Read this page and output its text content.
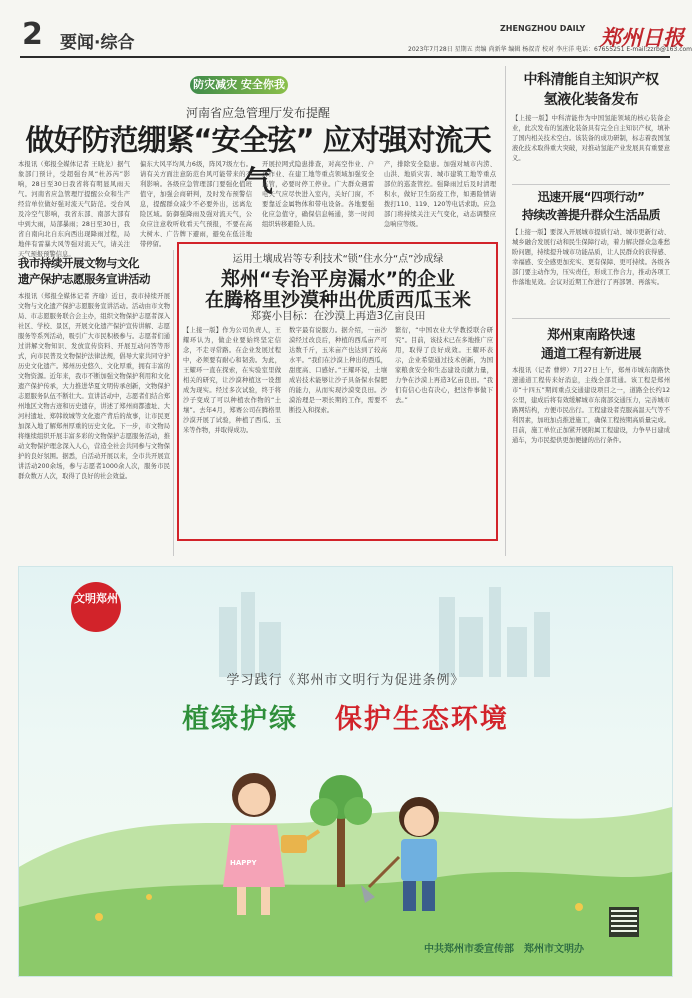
2 要闻·综合
ZHENGZHOU DAILY 郑州日报
2023年7月28日 星期五 责编 尚新华 编辑 杨叔青 校对 李庄洋 电话：67655251 E-mail:zzrb@163.com
防灾减灾 安全你我
河南省应急管理厅发布提醒
做好防范绷紧“安全弦” 应对强对流天气
本报讯（郑报全媒体记者 王晓龙）据气象部门预计，受超强台风“杜苏芮”影响，28日至30日我省将有明显风雨天气。河南省应急管理厅提醒公众和生产经营单位做好强对流天气防范。受台风及冷空气影响，我省东部、南部大部有中到大雨，局部暴雨；28日至30日，我省自南向北自东向西出现降雨过程，局地伴有雷暴大风等强对流天气，请关注天气预报预警信息。
偏东大风平均风力6级，阵风7级左右。请有关方面注意防范台风可能带来的不利影响。各级应急管理部门要强化值班值守，加强会商研判，及时发布预警信息，提醒群众减少不必要外出，远离危险区域。防御强降雨及强对流天气，公众应注意收听收看天气预报，不要在高大树木、广告牌下避雨，避免在低洼地带停留。
开展拉网式隐患排查，对高空作业、户外作业、在建工地等重点领域加强安全监管，必要时停工停业。广大群众遇雷电天气应尽快进入室内，关好门窗，不要靠近金属物体和带电设备。各地要强化应急值守，确保信息畅通，第一时间组织转移避险人员。
产，排除安全隐患。加强对城市内涝、山洪、地质灾害、城市建筑工地等重点部位的巡查管控。强降雨过后及时清理积水，做好卫生防疫工作，如遇险情请拨打110、119、120等电话求助。应急部门将持续关注天气变化，动态调整应急响应等级。
我市持续开展文物与文化
遗产保护志愿服务宣讲活动
本报讯（郑报全媒体记者 齐瑜）近日，我市持续开展文物与文化遗产保护志愿服务宣讲活动。活动由市文物局、市志愿服务联合会主办，组织文物保护志愿者深入社区、学校、景区，开展文化遗产保护宣传讲解、志愿服务等系列活动，吸引广大市民积极参与。志愿者们通过讲解文物知识、发放宣传资料、开展互动问答等形式，向市民普及文物保护法律法规，倡导大家共同守护历史文化遗产。郑州历史悠久、文化厚重，拥有丰富的文物资源。近年来，我市不断加强文物保护利用和文化遗产保护传承，大力推进华夏文明传承创新，文物保护志愿服务队伍不断壮大。宣讲活动中，志愿者们结合郑州地区文物古迹和历史遗存，讲述了郑州商都遗址、大河村遗址、郑韩故城等文化遗产背后的故事，让市民更加深入地了解郑州厚重的历史文化。下一步，市文物局将继续组织开展丰富多彩的文物保护志愿服务活动，推动文物保护理念深入人心，营造全社会共同参与文物保护的良好氛围。据悉，自活动开展以来，全市共开展宣讲活动200余场，参与志愿者1000余人次，服务市民群众数万人次，取得了良好的社会效益。
运用土壤成岩等专利技术“锁”住水分“点”沙成绿
郑州“专治平房漏水”的企业
在腾格里沙漠种出优质西瓜玉米
郑赛小目标：在沙漠上再造3亿亩良田
【上接一版】作为公司负责人，王耀环认为，做企业要始终坚定信念，不走寻常路。在企业发展过程中，必须要有耐心和韧劲。为此，王耀环一直在探索，在实验室里做相关的研究，让沙漠种植这一设想成为现实。经过多次试验，终于将沙子变成了可以种植农作物的“土壤”。去年4月，郑赛公司在腾格里沙漠开展了试验，种植了西瓜、玉米等作物，并取得成功。
数字最有说服力。据介绍，一亩沙漠经过改良后，种植的西瓜亩产可达数千斤，玉米亩产也达到了较高水平。“我们在沙漠上种出的西瓜，甜度高、口感好。”王耀环说，土壤成岩技术能够让沙子具备保水保肥的能力，从而实现沙漠变良田。沙漠治理是一项长期的工作，需要不断投入和探索。
繁衍，“中国农业大学教授联合研究”。目前，该技术已在多地推广应用，取得了良好成效。王耀环表示，企业希望通过技术创新，为国家粮食安全和生态建设贡献力量，力争在沙漠上再造3亿亩良田。“我们有信心也有决心，把这件事做下去。”
中科清能自主知识产权
氢液化装备发布
【上接一版】中科清能作为中国氢能领域的核心装备企业，此次发布的氢液化装备具有完全自主知识产权，填补了国内相关技术空白。该装备的成功研制，标志着我国氢液化技术取得重大突破，对推动氢能产业发展具有重要意义。
迅速开展“四项行动”
持续改善提升群众生活品质
【上接一版】要深入开展城市提质行动、城市更新行动、城乡融合发展行动和民生保障行动，着力解决群众急难愁盼问题，持续提升城市功能品质，让人民群众的获得感、幸福感、安全感更加充实、更有保障、更可持续。各级各部门要主动作为，压实责任，形成工作合力，推动各项工作落地见效。会议对近期工作进行了再部署、再落实。
郑州東南路快速
通道工程有新进展
本报讯（记者 曹婷）7月27日上午，郑州市城东南路快速通道工程传来好消息，主线全部贯通。该工程是郑州市“十四五”期间重点交通建设项目之一，道路全长约12公里，建成后将有效缓解城市东南部交通压力，完善城市路网结构，方便市民出行。工程建设者克服高温天气等不利因素，加班加点推进施工，确保工程按期高质量完成。目前，施工单位正加紧开展附属工程建设，力争早日建成通车，为市民提供更加便捷的出行条件。
文明郑州
HAPPY
学习践行《郑州市文明行为促进条例》
植绿护绿 保护生态环境
中共郑州市委宣传部　郑州市文明办
